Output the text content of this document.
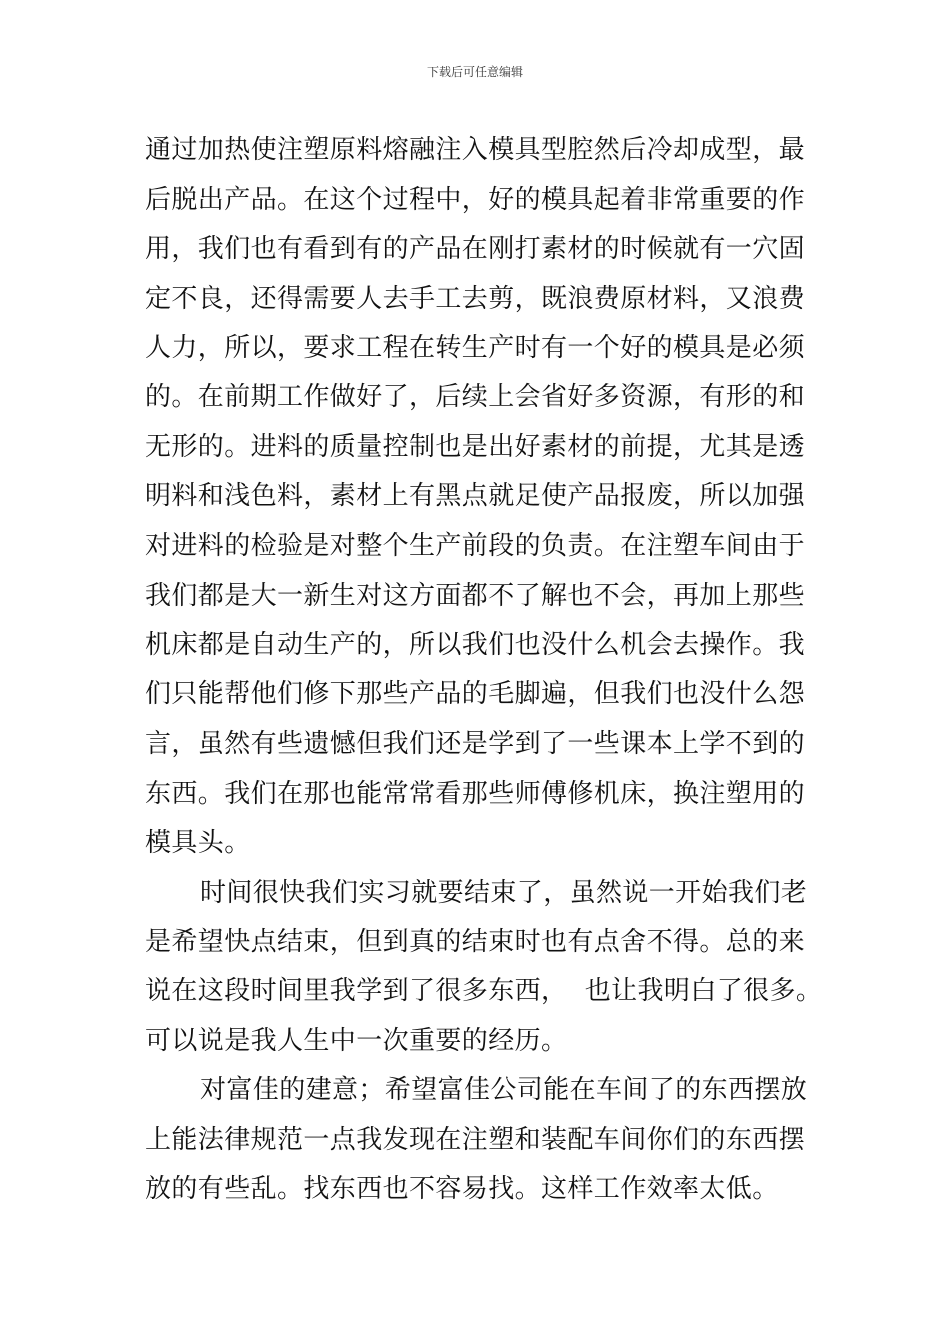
下载后可任意编辑
通过加热使注塑原料熔融注入模具型腔然后冷却成型，最
后脱出产品。在这个过程中，好的模具起着非常重要的作
用，我们也有看到有的产品在刚打素材的时候就有一穴固
定不良，还得需要人去手工去剪，既浪费原材料，又浪费
人力，所以，要求工程在转生产时有一个好的模具是必须
的。在前期工作做好了，后续上会省好多资源，有形的和
无形的。进料的质量控制也是出好素材的前提，尤其是透
明料和浅色料，素材上有黑点就足使产品报废，所以加强
对进料的检验是对整个生产前段的负责。在注塑车间由于
我们都是大一新生对这方面都不了解也不会，再加上那些
机床都是自动生产的，所以我们也没什么机会去操作。我
们只能帮他们修下那些产品的毛脚遍，但我们也没什么怨
言，虽然有些遗憾但我们还是学到了一些课本上学不到的
东西。我们在那也能常常看那些师傅修机床，换注塑用的
模具头。
时间很快我们实习就要结束了，虽然说一开始我们老
是希望快点结束，但到真的结束时也有点舍不得。总的来
说在这段时间里我学到了很多东西，  也让我明白了很多。
可以说是我人生中一次重要的经历。
对富佳的建意；希望富佳公司能在车间了的东西摆放
上能法律规范一点我发现在注塑和装配车间你们的东西摆
放的有些乱。找东西也不容易找。这样工作效率太低。
